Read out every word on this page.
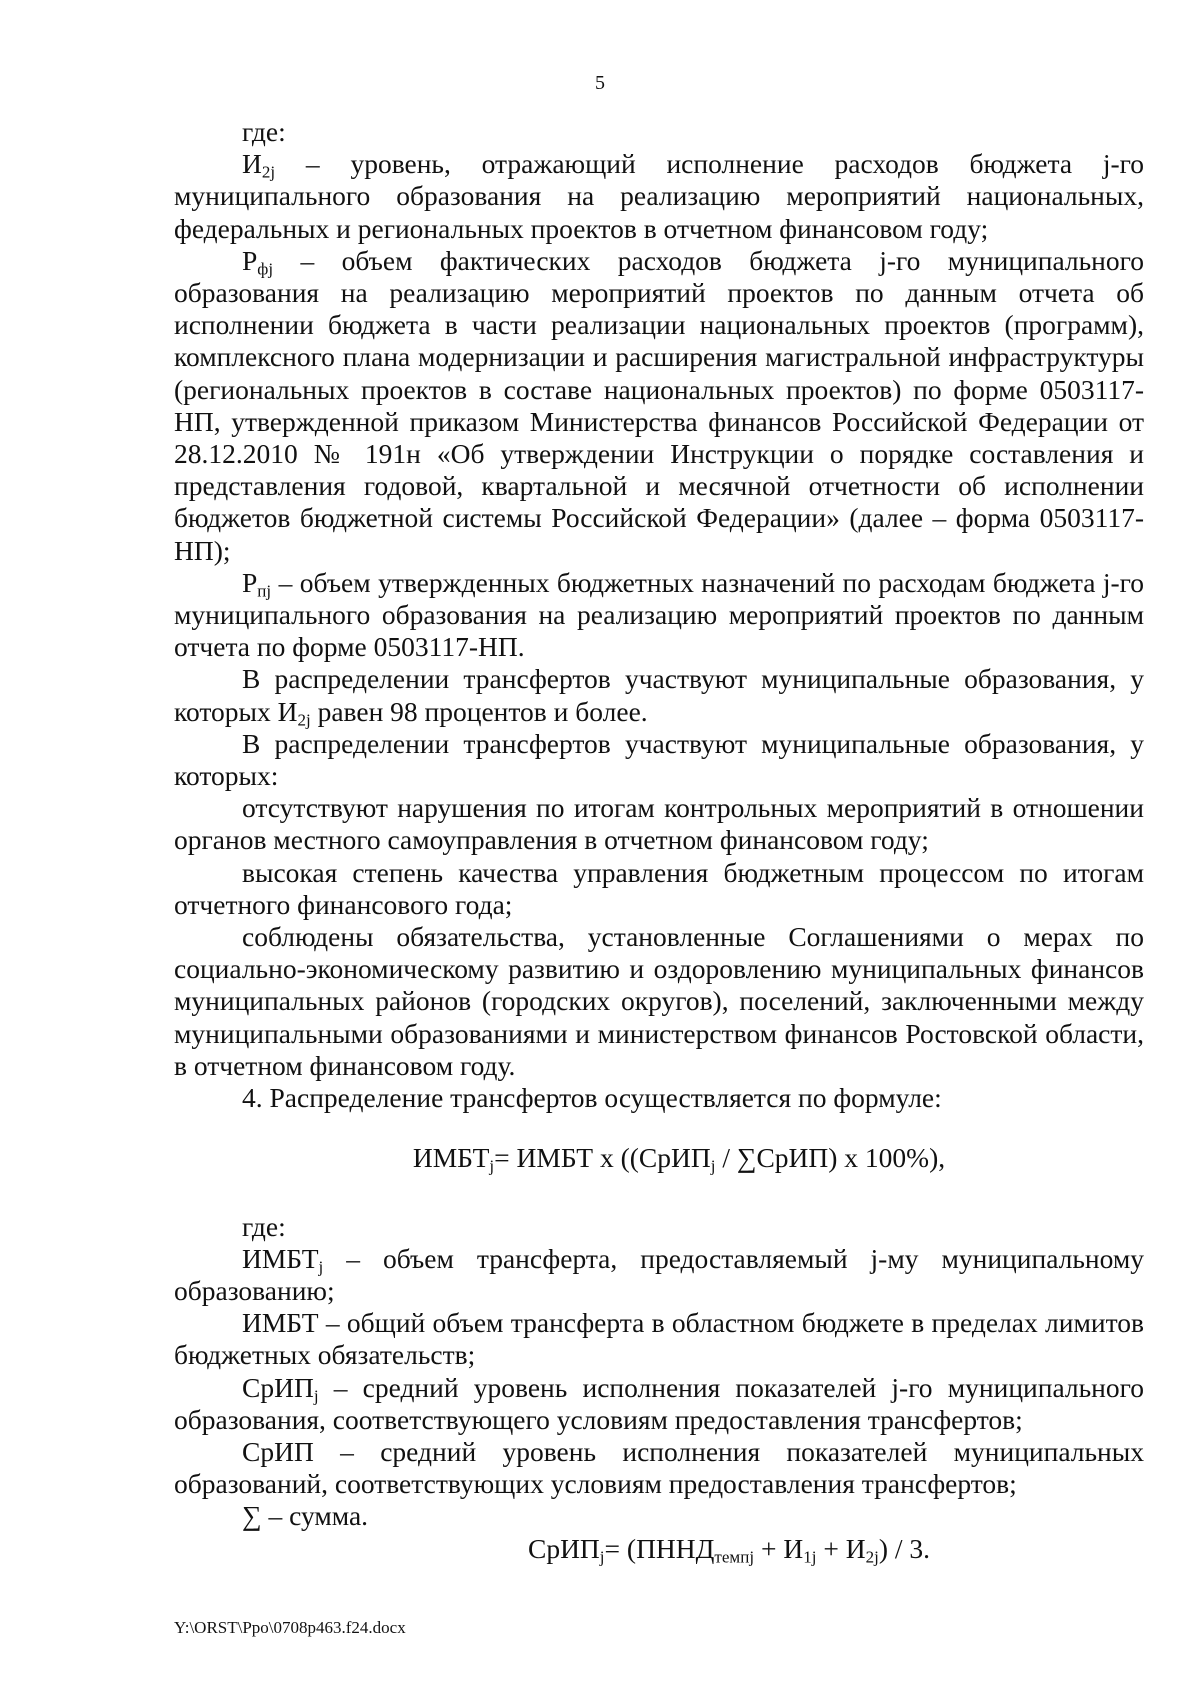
5

где:

$И_{2j}$ – уровень, отражающий исполнение расходов бюджета j-го муниципального образования на реализацию мероприятий национальных, федеральных и региональных проектов в отчетном финансовом году;

$Р_{фj}$ – объем фактических расходов бюджета j-го муниципального образования на реализацию мероприятий проектов по данным отчета об исполнении бюджета в части реализации национальных проектов (программ), комплексного плана модернизации и расширения магистральной инфраструктуры (региональных проектов в составе национальных проектов) по форме 0503117-НП, утвержденной приказом Министерства финансов Российской Федерации от 28.12.2010 № 191н «Об утверждении Инструкции о порядке составления и представления годовой, квартальной и месячной отчетности об исполнении бюджетов бюджетной системы Российской Федерации» (далее – форма 0503117-НП);

$Р_{пj}$ – объем утвержденных бюджетных назначений по расходам бюджета j-го муниципального образования на реализацию мероприятий проектов по данным отчета по форме 0503117-НП.

В распределении трансфертов участвуют муниципальные образования, у которых $И_{2j}$ равен 98 процентов и более.

В распределении трансфертов участвуют муниципальные образования, у которых:

отсутствуют нарушения по итогам контрольных мероприятий в отношении органов местного самоуправления в отчетном финансовом году;

высокая степень качества управления бюджетным процессом по итогам отчетного финансового года;

соблюдены обязательства, установленные Соглашениями о мерах по социально-экономическому развитию и оздоровлению муниципальных финансов муниципальных районов (городских округов), поселений, заключенными между муниципальными образованиями и министерством финансов Ростовской области, в отчетном финансовом году.

4. Распределение трансфертов осуществляется по формуле:

$ИМБТ_j=$ ИМБТ х ((СрИП$_j$ / ∑СрИП) х 100%),

где:

$ИМБТ_j$ – объем трансферта, предоставляемый j-му муниципальному образованию;

ИМБТ – общий объем трансферта в областном бюджете в пределах лимитов бюджетных обязательств;

СрИП$_j$ – средний уровень исполнения показателей j-го муниципального образования, соответствующего условиям предоставления трансфертов;

СрИП – средний уровень исполнения показателей муниципальных образований, соответствующих условиям предоставления трансфертов;

∑ – сумма.

СрИП$_j$= $(ПННД_{темпj} + И_{1j} + И_{2j}) / 3$.

Y:\ORST\Ppo\0708p463.f24.docx
